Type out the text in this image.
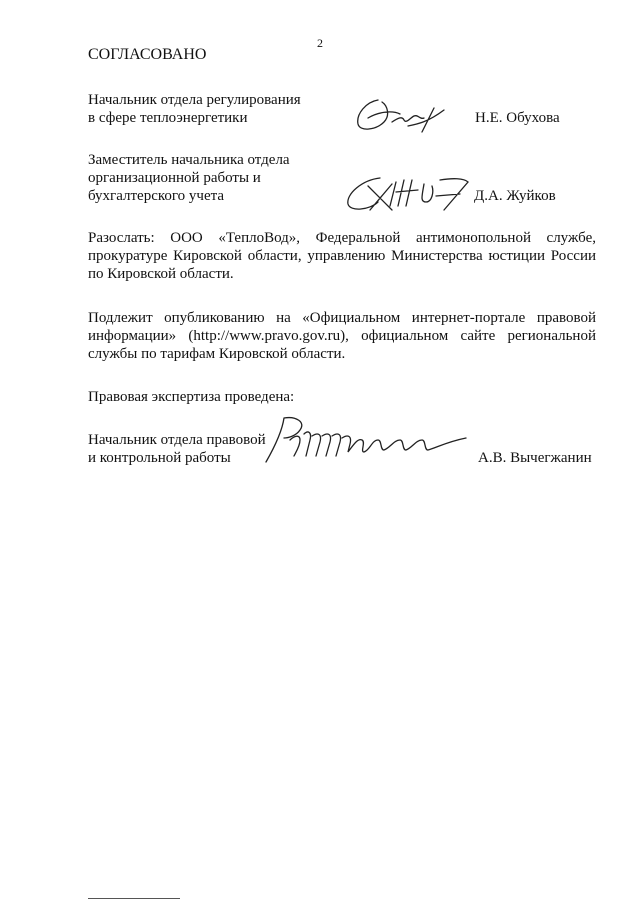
2
СОГЛАСОВАНО
Начальник отдела регулирования
в сфере теплоэнергетики	Н.Е. Обухова
Заместитель начальника отдела
организационной работы и
бухгалтерского учета	Д.А. Жуйков
Разослать: ООО «ТеплоВод», Федеральной антимонопольной службе,
прокуратуре Кировской области, управлению Министерства юстиции России
по Кировской области.
Подлежит опубликованию на «Официальном интернет-портале правовой
информации» (http://www.pravo.gov.ru), официальном сайте региональной
службы по тарифам Кировской области.
Правовая экспертиза проведена:
Начальник отдела правовой
и контрольной работы	А.В. Вычегжанин
